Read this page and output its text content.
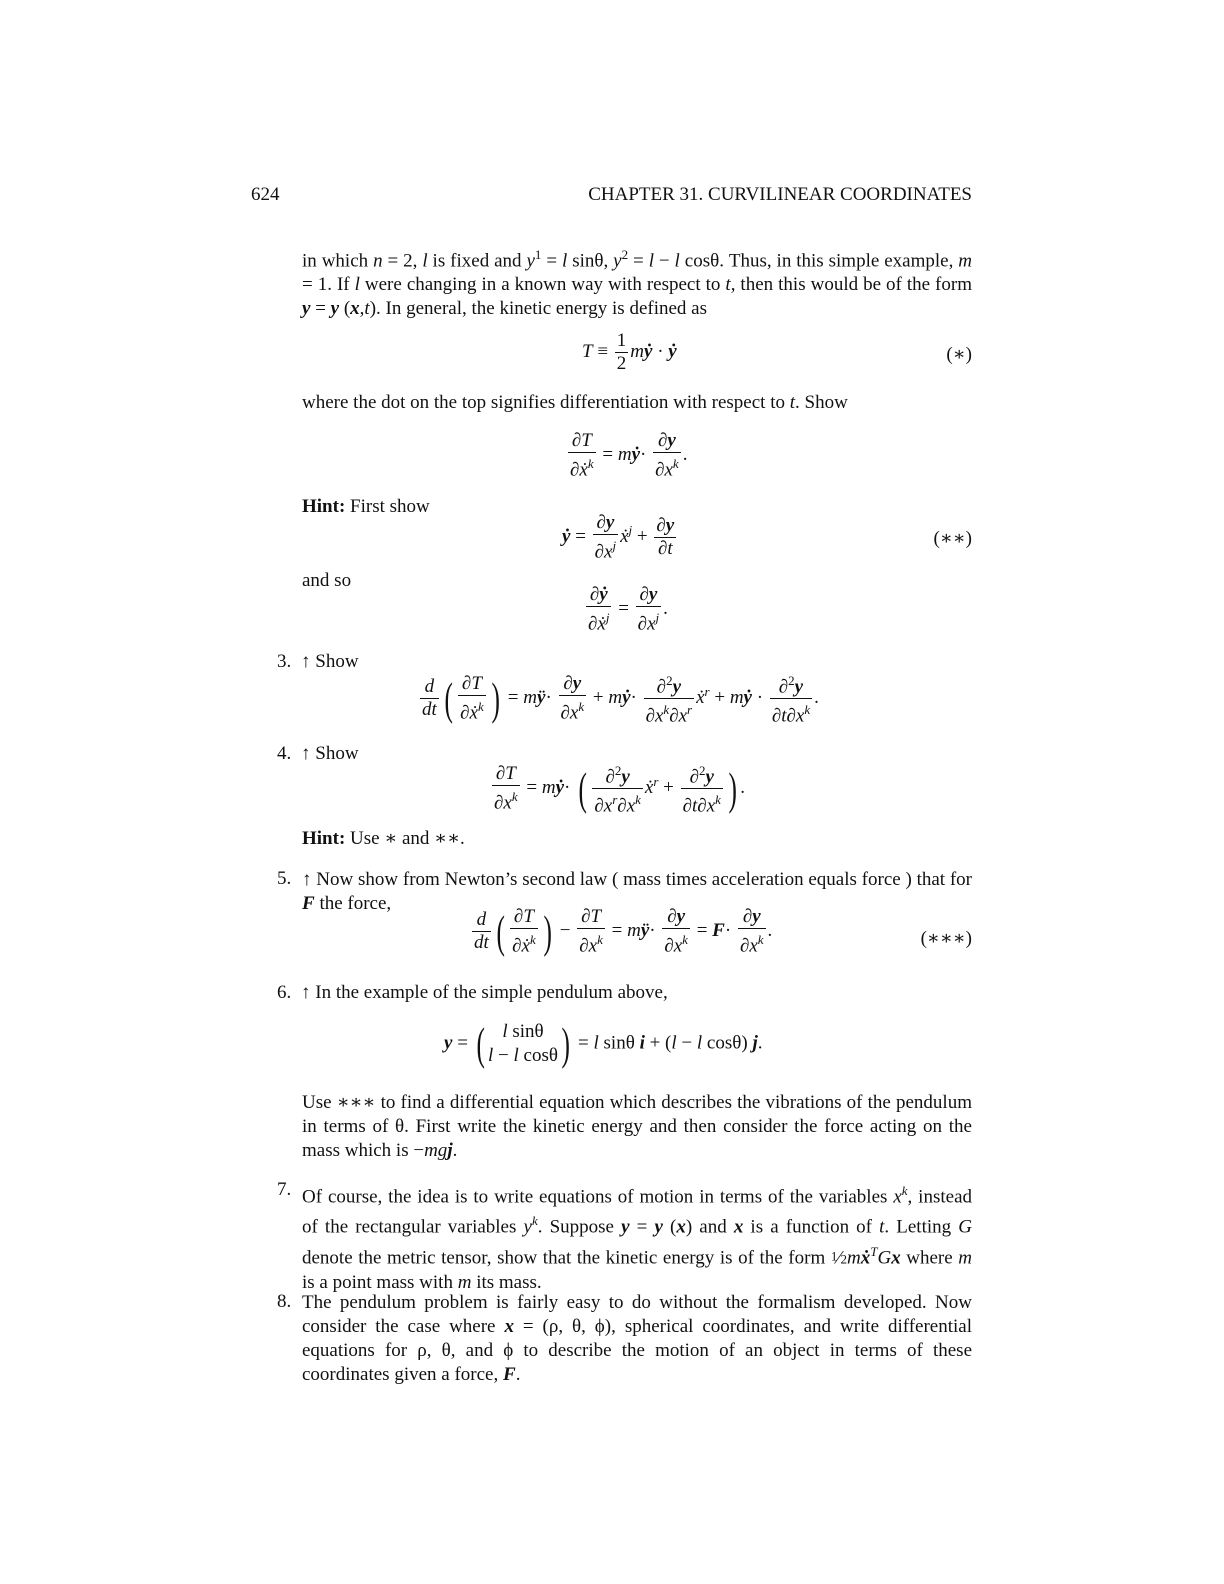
624	CHAPTER 31. CURVILINEAR COORDINATES
in which n = 2, l is fixed and $y^1 = l$ sinθ, $y^2 = l - l$ cosθ. Thus, in this simple example, m = 1. If l were changing in a known way with respect to t, then this would be of the form y = y (x,t). In general, the kinetic energy is defined as
$T \equiv \frac{1}{2}$ mẏ · ẏ	(∗)
where the dot on the top signifies differentiation with respect to t. Show
$\frac{\partial T}{\partial ẋ^k}$ = mẏ· $\frac{\partial y}{\partial x^k}$ .
Hint: First show
ẏ = $\frac{\partial y}{\partial x^j}$ ẋ$^j$ + $\frac{\partial y}{\partial t}$	(∗∗)
and so
$\frac{\text{∂ẏ}}{\partial ẋ^j} = \frac{\partial y}{\partial x^j}$ .
3. ↑ Show
$\frac{d}{dt}$ ( $\frac{\partial T}{\partial ẋ^k}$ ) = mÿ· $\frac{\partial y}{\partial x^k}$ + mẏ· $\frac{\partial^2y}{\partial x^k\partial x^r}$ ẋ$^r$ + mẏ · $\frac{\partial^2y}{\partial t\partial x^k}$ .
4. ↑ Show
$\frac{\partial T}{\partial x^k}$ = mẏ· ( $\frac{\partial^2y}{\partial x^r\partial x^k}$ ẋ$^r$ + $\frac{\partial^2y}{\partial t\partial x^k}$ ) .
Hint: Use ∗ and ∗∗.
5. ↑ Now show from Newton’s second law ( mass times acceleration equals force ) that for F the force,
$\frac{d}{dt}$ ( $\frac{\partial T}{\partial ẋ^k}$ ) − $\frac{\partial T}{\partial x^k}$ = mÿ· $\frac{\partial y}{\partial x^k} = F\cdot \frac{\partial y}{\partial x^k}$ .	(∗∗∗)
6. ↑ In the example of the simple pendulum above,
y = ( l sinθ
l − l cosθ) = l sinθ i + (l − l cosθ) j.
Use ∗∗∗ to find a differential equation which describes the vibrations of the pendulum in terms of θ. First write the kinetic energy and then consider the force acting on the mass which is −mgj.
7. Of course, the idea is to write equations of motion in terms of the variables $x^k$, instead of the rectangular variables $y^k$. Suppose y = y (x) and x is a function of t. Letting G denote the metric tensor, show that the kinetic energy is of the form 1⁄2mẋ$^T$Gx where m is a point mass with m its mass.
8. The pendulum problem is fairly easy to do without the formalism developed. Now consider the case where x = (ρ, θ, ϕ), spherical coordinates, and write differential equations for ρ, θ, and ϕ to describe the motion of an object in terms of these coordinates given a force, F.
